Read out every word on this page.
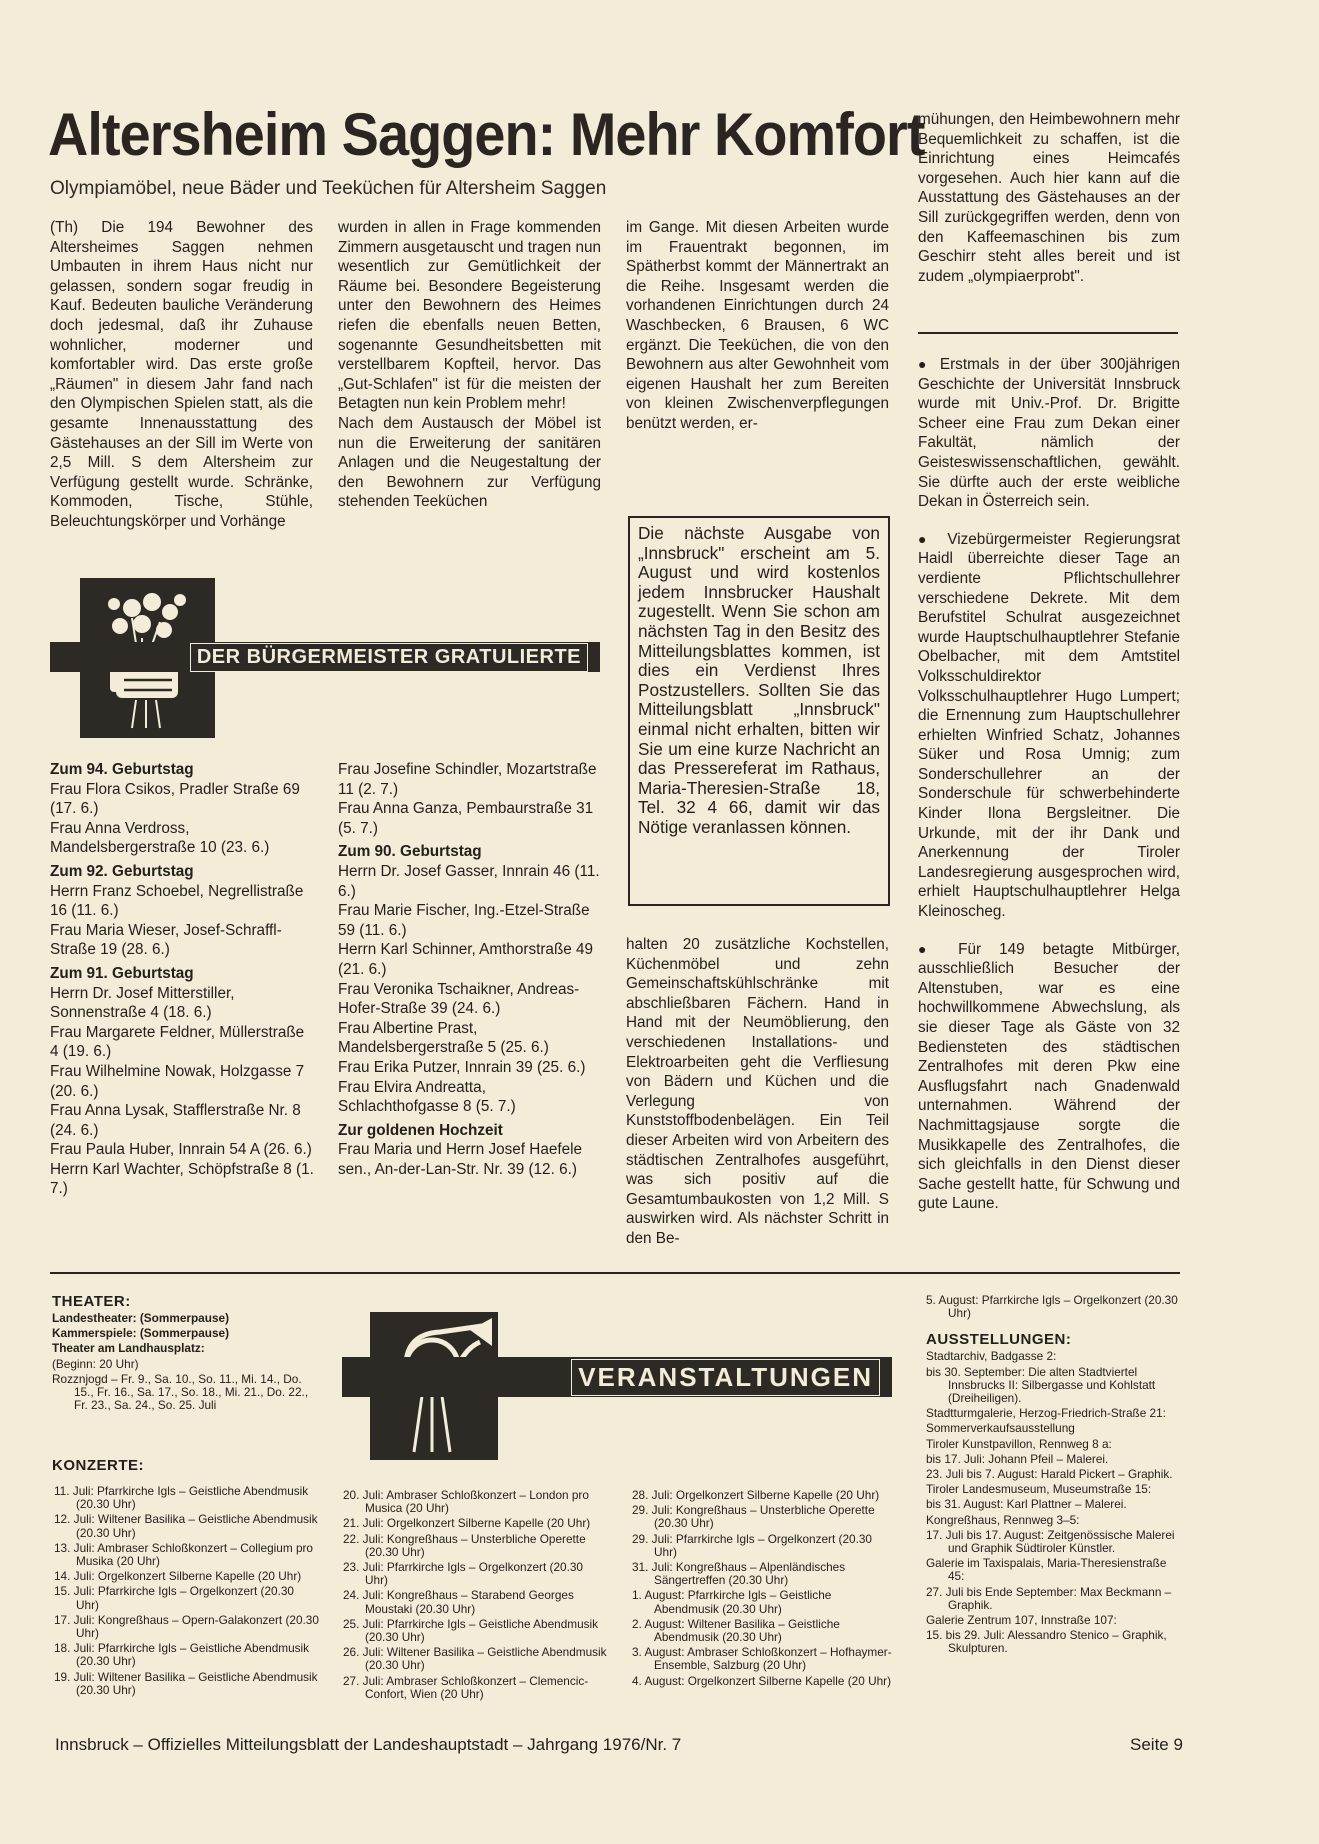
Altersheim Saggen: Mehr Komfort
Olympiamöbel, neue Bäder und Teeküchen für Altersheim Saggen

(Th) Die 194 Bewohner des Altersheimes Saggen nehmen Umbauten in ihrem Haus nicht nur gelassen, sondern sogar freudig in Kauf. Bedeuten bauliche Veränderung doch jedesmal, daß ihr Zuhause wohnlicher, moderner und komfortabler wird. Das erste große „Räumen" in diesem Jahr fand nach den Olympischen Spielen statt, als die gesamte Innenausstattung des Gästehauses an der Sill im Werte von 2,5 Mill. S dem Altersheim zur Verfügung gestellt wurde. Schränke, Kommoden, Tische, Stühle, Beleuchtungskörper und Vorhänge

wurden in allen in Frage kommenden Zimmern ausgetauscht und tragen nun wesentlich zur Gemütlichkeit der Räume bei. Besondere Begeisterung unter den Bewohnern des Heimes riefen die ebenfalls neuen Betten, sogenannte Gesundheitsbetten mit verstellbarem Kopfteil, hervor. Das „Gut-Schlafen" ist für die meisten der Betagten nun kein Problem mehr!

Nach dem Austausch der Möbel ist nun die Erweiterung der sanitären Anlagen und die Neugestaltung der den Bewohnern zur Verfügung stehenden Teeküchen

im Gange. Mit diesen Arbeiten wurde im Frauentrakt begonnen, im Spätherbst kommt der Männertrakt an die Reihe. Insgesamt werden die vorhandenen Einrichtungen durch 24 Waschbecken, 6 Brausen, 6 WC ergänzt. Die Teeküchen, die von den Bewohnern aus alter Gewohnheit vom eigenen Haushalt her zum Bereiten von kleinen Zwischenverpflegungen benützt werden, er-

halten 20 zusätzliche Kochstellen, Küchenmöbel und zehn Gemeinschaftskühlschränke mit abschließbaren Fächern. Hand in Hand mit der Neumöblierung, den verschiedenen Installations- und Elektroarbeiten geht die Verfliesung von Bädern und Küchen und die Verlegung von Kunststoffbodenbelägen. Ein Teil dieser Arbeiten wird von Arbeitern des städtischen Zentralhofes ausgeführt, was sich positiv auf die Gesamtumbaukosten von 1,2 Mill. S auswirken wird. Als nächster Schritt in den Be-

mühungen, den Heimbewohnern mehr Bequemlichkeit zu schaffen, ist die Einrichtung eines Heimcafés vorgesehen. Auch hier kann auf die Ausstattung des Gästehauses an der Sill zurückgegriffen werden, denn von den Kaffeemaschinen bis zum Geschirr steht alles bereit und ist zudem „olympiaerprobt".

● Erstmals in der über 300jährigen Geschichte der Universität Innsbruck wurde mit Univ.-Prof. Dr. Brigitte Scheer eine Frau zum Dekan einer Fakultät, nämlich der Geisteswissenschaftlichen, gewählt. Sie dürfte auch der erste weibliche Dekan in Österreich sein.

● Vizebürgermeister Regierungsrat Haidl überreichte dieser Tage an verdiente Pflichtschullehrer verschiedene Dekrete. Mit dem Berufstitel Schulrat ausgezeichnet wurde Hauptschulhauptlehrer Stefanie Obelbacher, mit dem Amtstitel Volksschuldirektor Volksschulhauptlehrer Hugo Lumpert; die Ernennung zum Hauptschullehrer erhielten Winfried Schatz, Johannes Süker und Rosa Umnig; zum Sonderschullehrer an der Sonderschule für schwerbehinderte Kinder Ilona Bergsleitner. Die Urkunde, mit der ihr Dank und Anerkennung der Tiroler Landesregierung ausgesprochen wird, erhielt Hauptschulhauptlehrer Helga Kleinoscheg.

● Für 149 betagte Mitbürger, ausschließlich Besucher der Altenstuben, war es eine hochwillkommene Abwechslung, als sie dieser Tage als Gäste von 32 Bediensteten des städtischen Zentralhofes mit deren Pkw eine Ausflugsfahrt nach Gnadenwald unternahmen. Während der Nachmittagsjause sorgte die Musikkapelle des Zentralhofes, die sich gleichfalls in den Dienst dieser Sache gestellt hatte, für Schwung und gute Laune.

Die nächste Ausgabe von „Innsbruck" erscheint am 5. August und wird kostenlos jedem Innsbrucker Haushalt zugestellt. Wenn Sie schon am nächsten Tag in den Besitz des Mitteilungsblattes kommen, ist dies ein Verdienst Ihres Postzustellers. Sollten Sie das Mitteilungsblatt „Innsbruck" einmal nicht erhalten, bitten wir Sie um eine kurze Nachricht an das Pressereferat im Rathaus, Maria-Theresien-Straße 18, Tel. 32 4 66, damit wir das Nötige veranlassen können.
DER BÜRGERMEISTER GRATULIERTE
Zum 94. Geburtstag
Frau Flora Csikos, Pradler Straße 69 (17. 6.)
Frau Anna Verdross, Mandelsbergerstraße 10 (23. 6.)
Zum 92. Geburtstag
Herrn Franz Schoebel, Negrellistraße 16 (11. 6.)
Frau Maria Wieser, Josef-Schraffl-Straße 19 (28. 6.)
Zum 91. Geburtstag
Herrn Dr. Josef Mitterstiller, Sonnenstraße 4 (18. 6.)
Frau Margarete Feldner, Müllerstraße 4 (19. 6.)
Frau Wilhelmine Nowak, Holzgasse 7 (20. 6.)
Frau Anna Lysak, Stafflerstraße Nr. 8 (24. 6.)
Frau Paula Huber, Innrain 54 A (26. 6.)
Herrn Karl Wachter, Schöpfstraße 8 (1. 7.)
Frau Josefine Schindler, Mozartstraße 11 (2. 7.)
Frau Anna Ganza, Pembaurstraße 31 (5. 7.)
Zum 90. Geburtstag
Herrn Dr. Josef Gasser, Innrain 46 (11. 6.)
Frau Marie Fischer, Ing.-Etzel-Straße 59 (11. 6.)
Herrn Karl Schinner, Amthorstraße 49 (21. 6.)
Frau Veronika Tschaikner, Andreas-Hofer-Straße 39 (24. 6.)
Frau Albertine Prast, Mandelsbergerstraße 5 (25. 6.)
Frau Erika Putzer, Innrain 39 (25. 6.)
Frau Elvira Andreatta, Schlachthofgasse 8 (5. 7.)
Zur goldenen Hochzeit
Frau Maria und Herrn Josef Haefele sen., An-der-Lan-Str. Nr. 39 (12. 6.)
VERANSTALTUNGEN
THEATER:
Landestheater: (Sommerpause)
Kammerspiele: (Sommerpause)
Theater am Landhausplatz:
(Beginn: 20 Uhr)
Rozznjogd – Fr. 9., Sa. 10., So. 11., Mi. 14., Do. 15., Fr. 16., Sa. 17., So. 18., Mi. 21., Do. 22., Fr. 23., Sa. 24., So. 25. Juli
KONZERTE:
11. Juli: Pfarrkirche Igls – Geistliche Abendmusik (20.30 Uhr)
12. Juli: Wiltener Basilika – Geistliche Abendmusik (20.30 Uhr)
13. Juli: Ambraser Schloßkonzert – Collegium pro Musika (20 Uhr)
14. Juli: Orgelkonzert Silberne Kapelle (20 Uhr)
15. Juli: Pfarrkirche Igls – Orgelkonzert (20.30 Uhr)
17. Juli: Kongreßhaus – Opern-Galakonzert (20.30 Uhr)
18. Juli: Pfarrkirche Igls – Geistliche Abendmusik (20.30 Uhr)
19. Juli: Wiltener Basilika – Geistliche Abendmusik (20.30 Uhr)
20. Juli: Ambraser Schloßkonzert – London pro Musica (20 Uhr)
21. Juli: Orgelkonzert Silberne Kapelle (20 Uhr)
22. Juli: Kongreßhaus – Unsterbliche Operette (20.30 Uhr)
23. Juli: Pfarrkirche Igls – Orgelkonzert (20.30 Uhr)
24. Juli: Kongreßhaus – Starabend Georges Moustaki (20.30 Uhr)
25. Juli: Pfarrkirche Igls – Geistliche Abendmusik (20.30 Uhr)
26. Juli: Wiltener Basilika – Geistliche Abendmusik (20.30 Uhr)
27. Juli: Ambraser Schloßkonzert – Clemencic-Confort, Wien (20 Uhr)
28. Juli: Orgelkonzert Silberne Kapelle (20 Uhr)
29. Juli: Kongreßhaus – Unsterbliche Operette (20.30 Uhr)
29. Juli: Pfarrkirche Igls – Orgelkonzert (20.30 Uhr)
31. Juli: Kongreßhaus – Alpenländisches Sängertreffen (20.30 Uhr)
1. August: Pfarrkirche Igls – Geistliche Abendmusik (20.30 Uhr)
2. August: Wiltener Basilika – Geistliche Abendmusik (20.30 Uhr)
3. August: Ambraser Schloßkonzert – Hofhaymer-Ensemble, Salzburg (20 Uhr)
4. August: Orgelkonzert Silberne Kapelle (20 Uhr)
5. August: Pfarrkirche Igls – Orgelkonzert (20.30 Uhr)
AUSSTELLUNGEN:
Stadtarchiv, Badgasse 2:
bis 30. September: Die alten Stadtviertel Innsbrucks II: Silbergasse und Kohlstatt (Dreiheiligen).
Stadtturmgalerie, Herzog-Friedrich-Straße 21:
Sommerverkaufsausstellung
Tiroler Kunstpavillon, Rennweg 8 a:
bis 17. Juli: Johann Pfeil – Malerei.
23. Juli bis 7. August: Harald Pickert – Graphik.
Tiroler Landesmuseum, Museumstraße 15:
bis 31. August: Karl Plattner – Malerei.
Kongreßhaus, Rennweg 3–5:
17. Juli bis 17. August: Zeitgenössische Malerei und Graphik Südtiroler Künstler.
Galerie im Taxispalais, Maria-Theresienstraße 45:
27. Juli bis Ende September: Max Beckmann – Graphik.
Galerie Zentrum 107, Innstraße 107:
15. bis 29. Juli: Alessandro Stenico – Graphik, Skulpturen.
Innsbruck – Offizielles Mitteilungsblatt der Landeshauptstadt – Jahrgang 1976/Nr. 7	Seite 9
